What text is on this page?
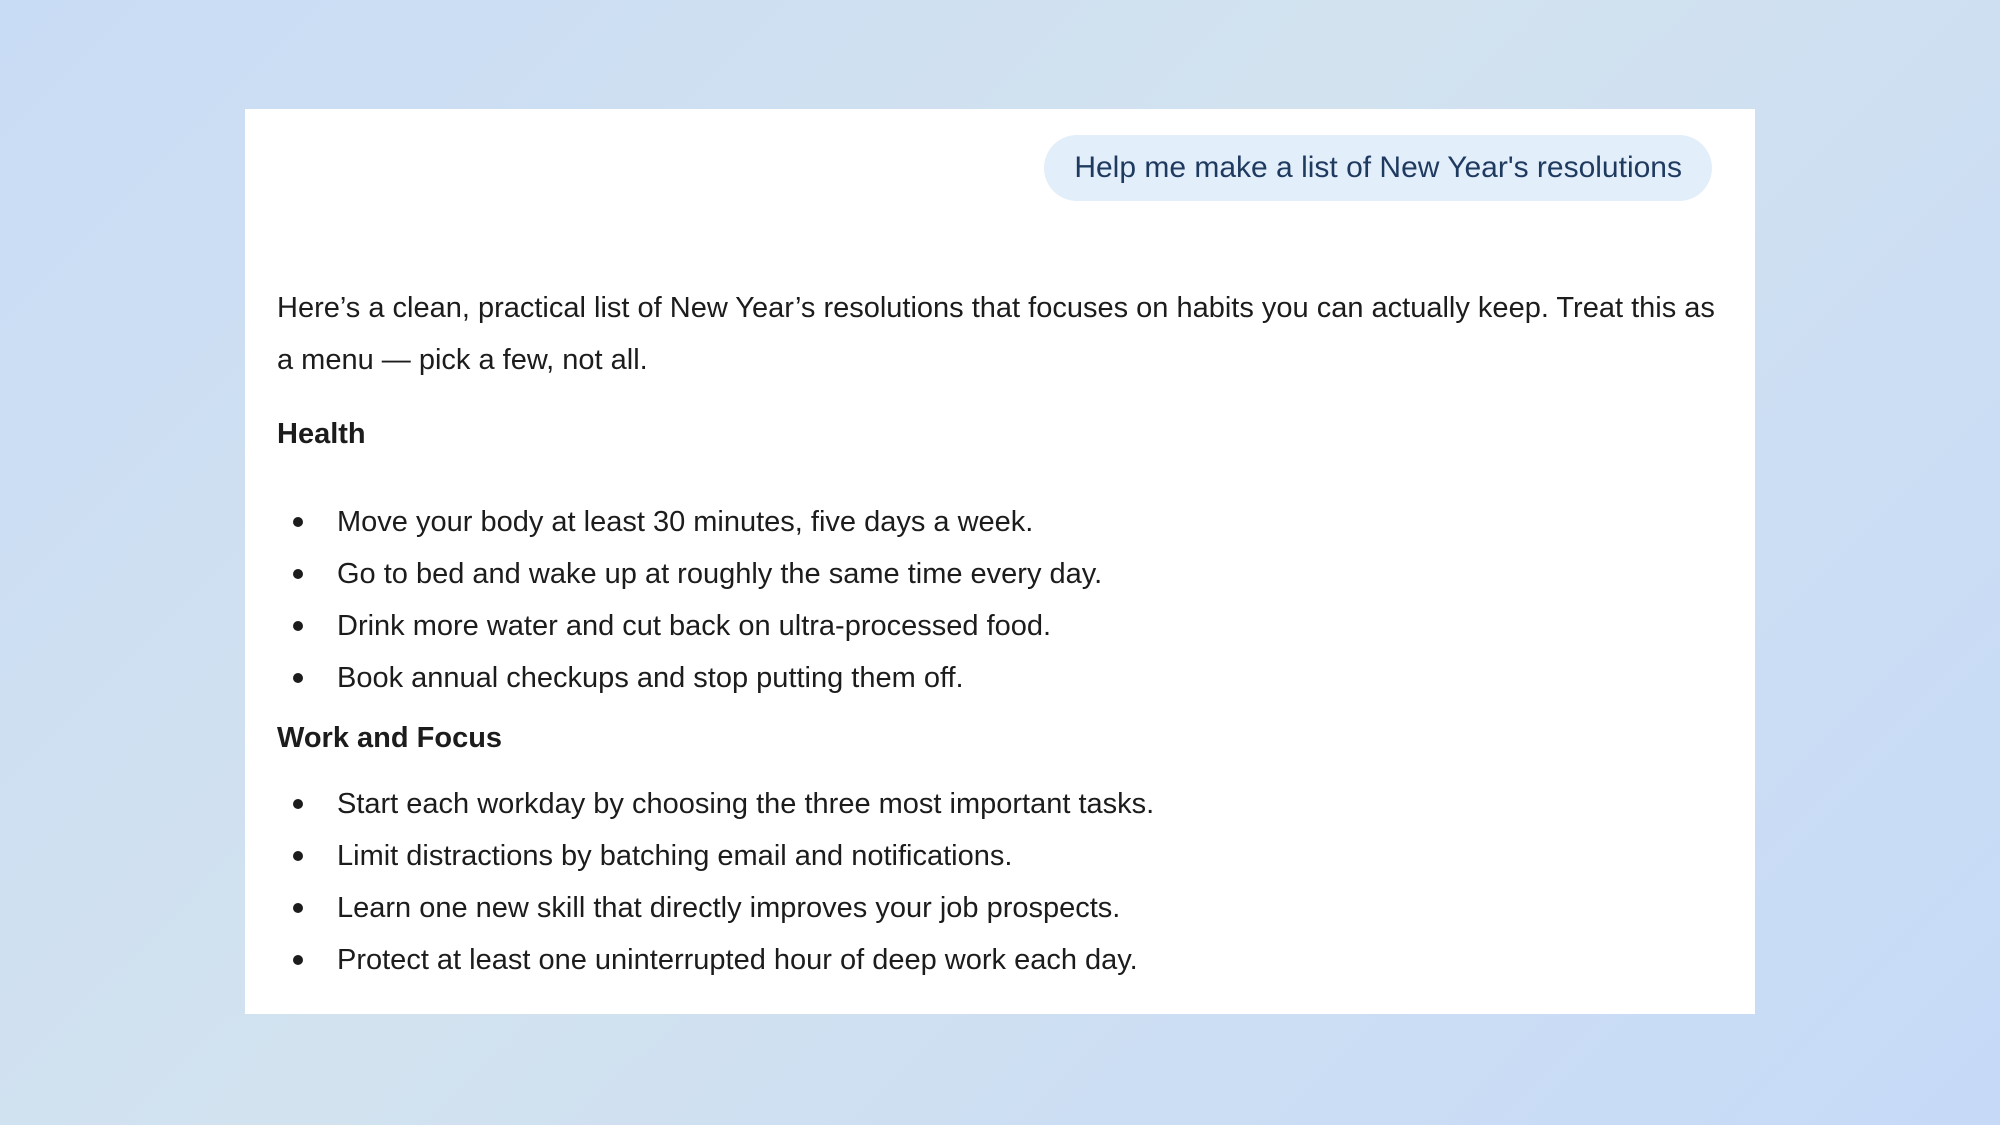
Help me make a list of New Year's resolutions

Here’s a clean, practical list of New Year’s resolutions that focuses on habits you can actually keep. Treat this as a menu — pick a few, not all.

Health
Move your body at least 30 minutes, five days a week.
Go to bed and wake up at roughly the same time every day.
Drink more water and cut back on ultra-processed food.
Book annual checkups and stop putting them off.
Work and Focus
Start each workday by choosing the three most important tasks.
Limit distractions by batching email and notifications.
Learn one new skill that directly improves your job prospects.
Protect at least one uninterrupted hour of deep work each day.
